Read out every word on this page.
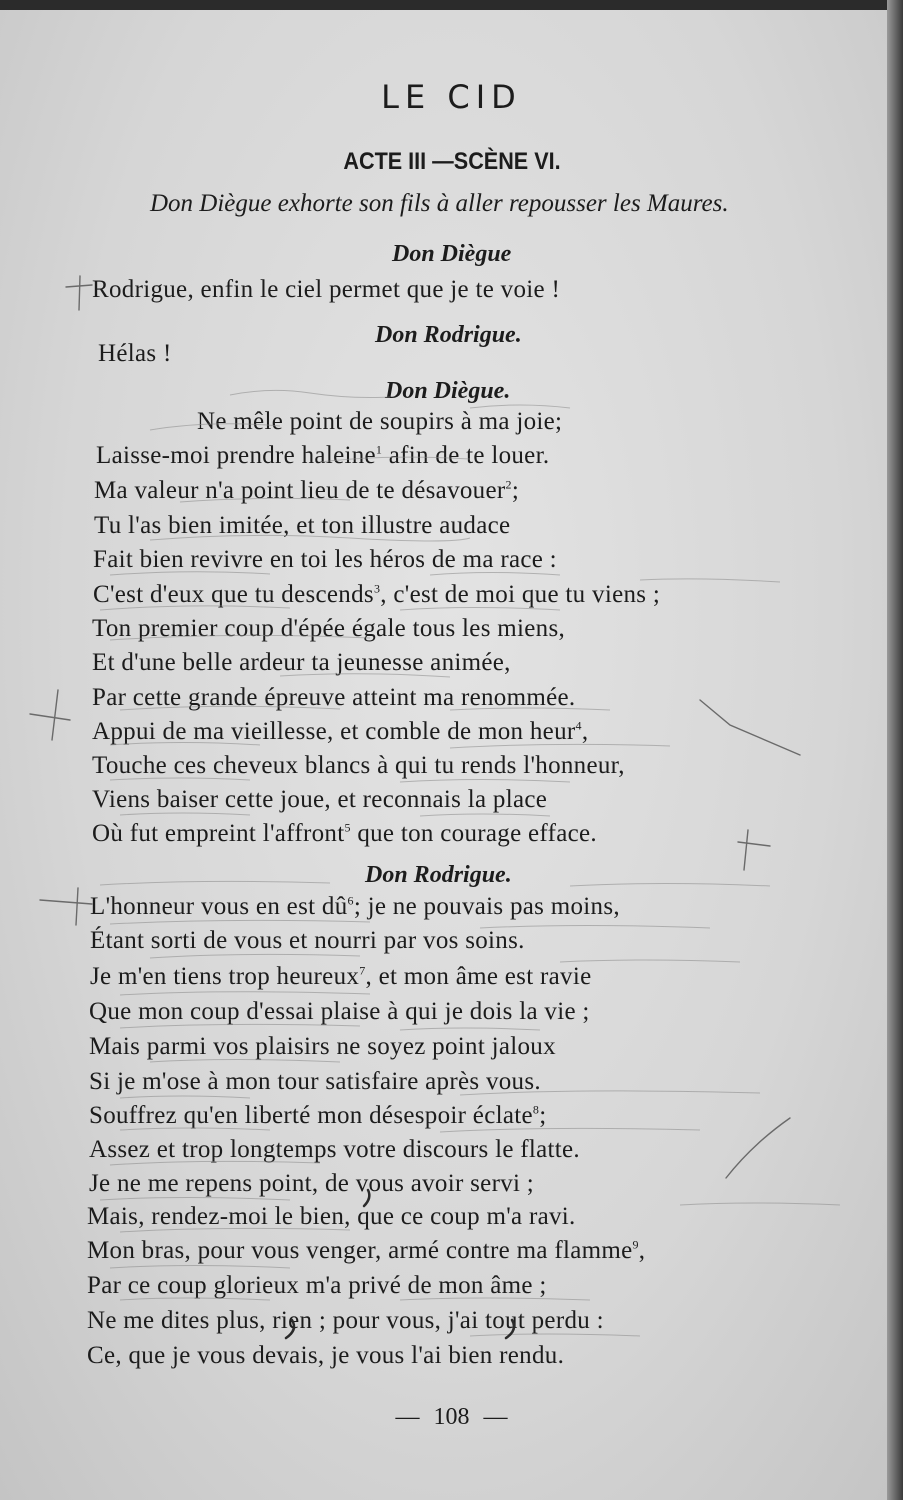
LE CID
ACTE III —SCÈNE VI.
Don Diègue exhorte son fils à aller repousser les Maures.
Don Diègue
Rodrigue, enfin le ciel permet que je te voie !
Don Rodrigue.
Hélas !
Don Diègue.
Ne mêle point de soupirs à ma joie;
Laisse-moi prendre haleine$^1$ afin de te louer.
Ma valeur n'a point lieu de te désavouer$^2$;
Tu l'as bien imitée, et ton illustre audace
Fait bien revivre en toi les héros de ma race :
C'est d'eux que tu descends$^3$, c'est de moi que tu viens ;
Ton premier coup d'épée égale tous les miens,
Et d'une belle ardeur ta jeunesse animée,
Par cette grande épreuve atteint ma renommée.
Appui de ma vieillesse, et comble de mon heur$^4$,
Touche ces cheveux blancs à qui tu rends l'honneur,
Viens baiser cette joue, et reconnais la place
Où fut empreint l'affront$^5$ que ton courage efface.
Don Rodrigue.
L'honneur vous en est $dû^6$; je ne pouvais pas moins,
Étant sorti de vous et nourri par vos soins.
Je m'en tiens trop heureux$^7$, et mon âme est ravie
Que mon coup d'essai plaise à qui je dois la vie ;
Mais parmi vos plaisirs ne soyez point jaloux
Si je m'ose à mon tour satisfaire après vous.
Souffrez qu'en liberté mon désespoir éclate$^8$;
Assez et trop longtemps votre discours le flatte.
Je ne me repens point, de vous avoir servi ;
Mais, rendez-moi le bien, que ce coup m'a ravi.
Mon bras, pour vous venger, armé contre ma flamme$^9$,
Par ce coup glorieux m'a privé de mon âme ;
Ne me dites plus, rien ; pour vous, j'ai tout perdu :
Ce, que je vous devais, je vous l'ai bien rendu.
— 108 —
